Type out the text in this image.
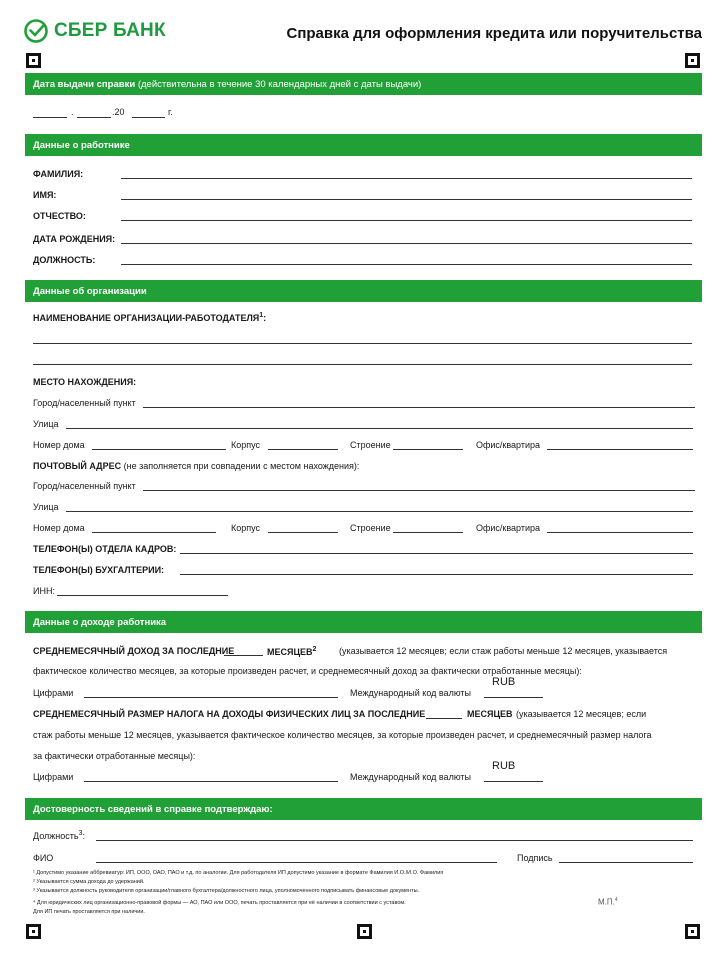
СБЕР БАНК	Справка для оформления кредита или поручительства
Дата выдачи справки
(действительна в течение 30 календарных дней с даты выдачи)
.	.20	г.
Данные о работнике
ФАМИЛИЯ:
ИМЯ:
ОТЧЕСТВО:
ДАТА РОЖДЕНИЯ:
ДОЛЖНОСТЬ:
Данные об организации
НАИМЕНОВАНИЕ ОРГАНИЗАЦИИ-РАБОТОДАТЕЛЯ$^1$:
МЕСТО НАХОЖДЕНИЯ:
Город/населенный пункт
Улица
Номер дома	Корпус	Строение	Офис/квартира
ПОЧТОВЫЙ АДРЕС (не заполняется при совпадении с местом нахождения):
Город/населенный пункт
Улица
Номер дома	Корпус	Строение	Офис/квартира
ТЕЛЕФОН(Ы) ОТДЕЛА КАДРОВ:
ТЕЛЕФОН(Ы) БУХГАЛТЕРИИ:
ИНН:
Данные о доходе работника
СРЕДНЕМЕСЯЧНЫЙ ДОХОД ЗА ПОСЛЕДНИЕ	МЕСЯЦЕВ$^2$	(указывается 12 месяцев; если стаж работы меньше 12 месяцев, указывается
фактическое количество месяцев, за которые произведен расчет, и среднемесячный доход за фактически отработанные месяцы):
Цифрами	Международный код валюты
RUB
СРЕДНЕМЕСЯЧНЫЙ РАЗМЕР НАЛОГА НА ДОХОДЫ ФИЗИЧЕСКИХ ЛИЦ ЗА ПОСЛЕДНИЕ	МЕСЯЦЕВ (указывается 12 месяцев; если
стаж работы меньше 12 месяцев, указывается фактическое количество месяцев, за которые произведен расчет, и среднемесячный размер налога
за фактически отработанные месяцы):
Цифрами	Международный код валюты
RUB
Достоверность сведений в справке подтверждаю:
Должность$^3$:
ФИО	Подпись
¹ Допустимо указание аббревиатур: ИП, ООО, ОАО, ПАО и т.д. по аналогии. Для работодателя ИП допустимо указание в формате Фамилия И.О./И.О. Фамилия
² Указывается сумма дохода до удержаний.
³ Указывается должность руководителя организации/главного бухгалтера/должностного лица, уполномоченного подписывать финансовые документы.
⁴ Для юридических лиц организационно-правовой формы — АО, ПАО или ООО, печать проставляется при её наличии в соответствии с уставом.
Для ИП печать проставляется при наличии.
М.П.$^4$
